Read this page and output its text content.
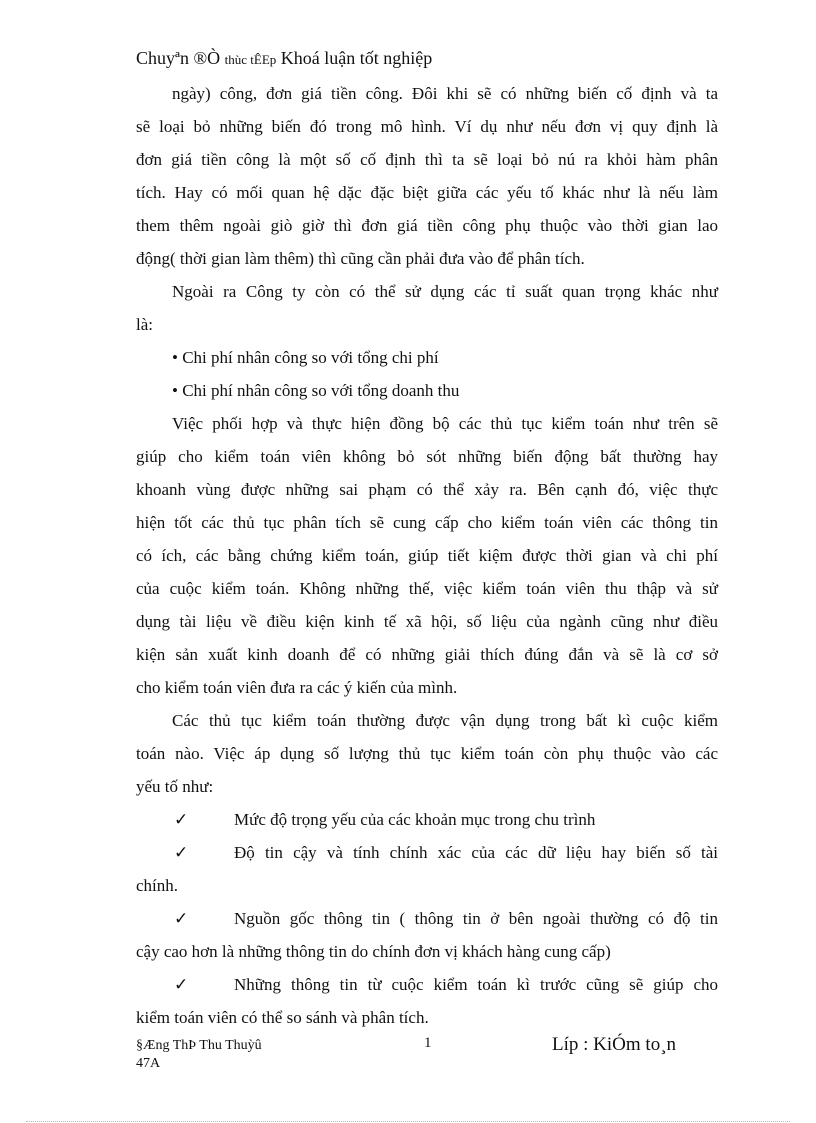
Chuyªn ®Ò thùc tÊEp Khoá luận tốt nghiệp
ngày) công, đơn giá tiền công. Đôi khi sẽ có những biến cố định và ta
sẽ loại bỏ những biến đó trong mô hình. Ví dụ như nếu đơn vị quy định là
đơn giá tiền công là một số cố định thì ta sẽ loại bỏ nú ra khỏi hàm phân
tích. Hay có mối quan hệ dặc đặc biệt giữa các yếu tố khác như là nếu làm
them thêm ngoài giò giờ thì đơn giá tiền công phụ thuộc vào thời gian lao
động( thời gian làm thêm) thì cũng cần phải đưa vào để phân tích.
Ngoài ra Công ty còn có thể sử dụng các tỉ suất quan trọng khác như
là:
• Chi phí nhân công so với tổng chi phí
• Chi phí nhân công so với tổng doanh thu
Việc phối hợp và thực hiện đồng bộ các thủ tục kiểm toán như trên sẽ
giúp cho kiểm toán viên không bỏ sót những biến động bất thường hay
khoanh vùng được những sai phạm có thể xảy ra. Bên cạnh đó, việc thực
hiện tốt các thủ tục phân tích sẽ cung cấp cho kiểm toán viên các thông tin
có ích, các bằng chứng kiểm toán, giúp tiết kiệm được thời gian và chi phí
của cuộc kiểm toán. Không những thế, việc kiểm toán viên thu thập và sử
dụng tài liệu về điều kiện kinh tế xã hội, số liệu của ngành cũng như điều
kiện sản xuất kinh doanh để có những giải thích đúng đắn và sẽ là cơ sở
cho kiểm toán viên đưa ra các ý kiến của mình.
Các thủ tục kiểm toán thường được vận dụng trong bất kì cuộc kiểm
toán nào. Việc áp dụng số lượng thủ tục kiểm toán còn phụ thuộc vào các
yếu tố như:
✓	Mức độ trọng yếu của các khoản mục trong chu trình
✓	Độ tin cậy và tính chính xác của các dữ liệu hay biến số tài
chính.
✓	Nguồn gốc thông tin ( thông tin ở bên ngoài thường có độ tin
cậy cao hơn là những thông tin do chính đơn vị khách hàng cung cấp)
✓	Những thông tin từ cuộc kiểm toán kì trước cũng sẽ giúp cho
kiểm toán viên có thể so sánh và phân tích.
§Æng ThÞ Thu Thuỳû
47A
1	Líp : KiÓm to¸n
